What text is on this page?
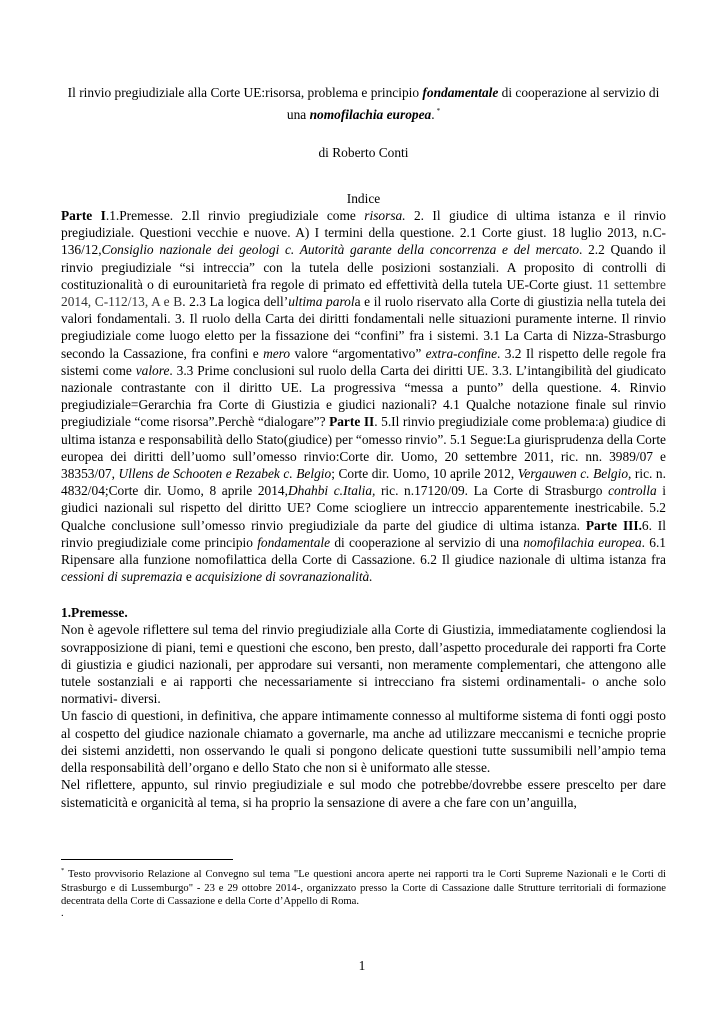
Il rinvio pregiudiziale alla Corte UE:risorsa, problema e principio fondamentale di cooperazione al servizio di una nomofilachia europea. *

di Roberto Conti
Indice
Parte I.1.Premesse. 2.Il rinvio pregiudiziale come risorsa. 2. Il giudice di ultima istanza e il rinvio pregiudiziale. Questioni vecchie e nuove. A) I termini della questione. 2.1 Corte giust. 18 luglio 2013, n.C-136/12,Consiglio nazionale dei geologi c. Autorità garante della concorrenza e del mercato. 2.2 Quando il rinvio pregiudiziale “si intreccia” con la tutela delle posizioni sostanziali. A proposito di controlli di costituzionalità o di eurounitarietà fra regole di primato ed effettività della tutela UE-Corte giust. 11 settembre 2014, C-112/13, A e B. 2.3 La logica dell’ultima parola e il ruolo riservato alla Corte di giustizia nella tutela dei valori fondamentali. 3. Il ruolo della Carta dei diritti fondamentali nelle situazioni puramente interne. Il rinvio pregiudiziale come luogo eletto per la fissazione dei “confini” fra i sistemi. 3.1 La Carta di Nizza-Strasburgo secondo la Cassazione, fra confini e mero valore “argomentativo” extra-confine. 3.2 Il rispetto delle regole fra sistemi come valore. 3.3 Prime conclusioni sul ruolo della Carta dei diritti UE. 3.3. L’intangibilità del giudicato nazionale contrastante con il diritto UE. La progressiva “messa a punto” della questione. 4. Rinvio pregiudiziale=Gerarchia fra Corte di Giustizia e giudici nazionali? 4.1 Qualche notazione finale sul rinvio pregiudiziale “come risorsa”.Perchè “dialogare”? Parte II. 5.Il rinvio pregiudiziale come problema:a) giudice di ultima istanza e responsabilità dello Stato(giudice) per “omesso rinvio”. 5.1 Segue:La giurisprudenza della Corte europea dei diritti dell’uomo sull’omesso rinvio:Corte dir. Uomo, 20 settembre 2011, ric. nn. 3989/07 e 38353/07, Ullens de Schooten e Rezabek c. Belgio; Corte dir. Uomo, 10 aprile 2012, Vergauwen c. Belgio, ric. n. 4832/04;Corte dir. Uomo, 8 aprile 2014,Dhahbi c.Italia, ric. n.17120/09. La Corte di Strasburgo controlla i giudici nazionali sul rispetto del diritto UE? Come sciogliere un intreccio apparentemente inestricabile. 5.2 Qualche conclusione sull’omesso rinvio pregiudiziale da parte del giudice di ultima istanza. Parte III.6. Il rinvio pregiudiziale come principio fondamentale di cooperazione al servizio di una nomofilachia europea. 6.1 Ripensare alla funzione nomofilattica della Corte di Cassazione. 6.2 Il giudice nazionale di ultima istanza fra cessioni di supremazia e acquisizione di sovranazionalità.
1.Premesse.

Non è agevole riflettere sul tema del rinvio pregiudiziale alla Corte di Giustizia, immediatamente cogliendosi la sovrapposizione di piani, temi e questioni che escono, ben presto, dall’aspetto procedurale dei rapporti fra Corte di giustizia e giudici nazionali, per approdare sui versanti, non meramente complementari, che attengono alle tutele sostanziali e ai rapporti che necessariamente si intrecciano fra sistemi ordinamentali- o anche solo normativi- diversi.

Un fascio di questioni, in definitiva, che appare intimamente connesso al multiforme sistema di fonti oggi posto al cospetto del giudice nazionale chiamato a governarle, ma anche ad utilizzare meccanismi e tecniche proprie dei sistemi anzidetti, non osservando le quali si pongono delicate questioni tutte sussumibili nell’ampio tema della responsabilità dell’organo e dello Stato che non si è uniformato alle stesse.

Nel riflettere, appunto, sul rinvio pregiudiziale e sul modo che potrebbe/dovrebbe essere prescelto per dare sistematicità e organicità al tema, si ha proprio la sensazione di avere a che fare con un’anguilla,

* Testo provvisorio Relazione al Convegno sul tema "Le questioni ancora aperte nei rapporti tra le Corti Supreme Nazionali e le Corti di Strasburgo e di Lussemburgo" - 23 e 29 ottobre 2014-, organizzato presso la Corte di Cassazione dalle Strutture territoriali di formazione decentrata della Corte di Cassazione e della Corte d’Appello di Roma.
.
1
